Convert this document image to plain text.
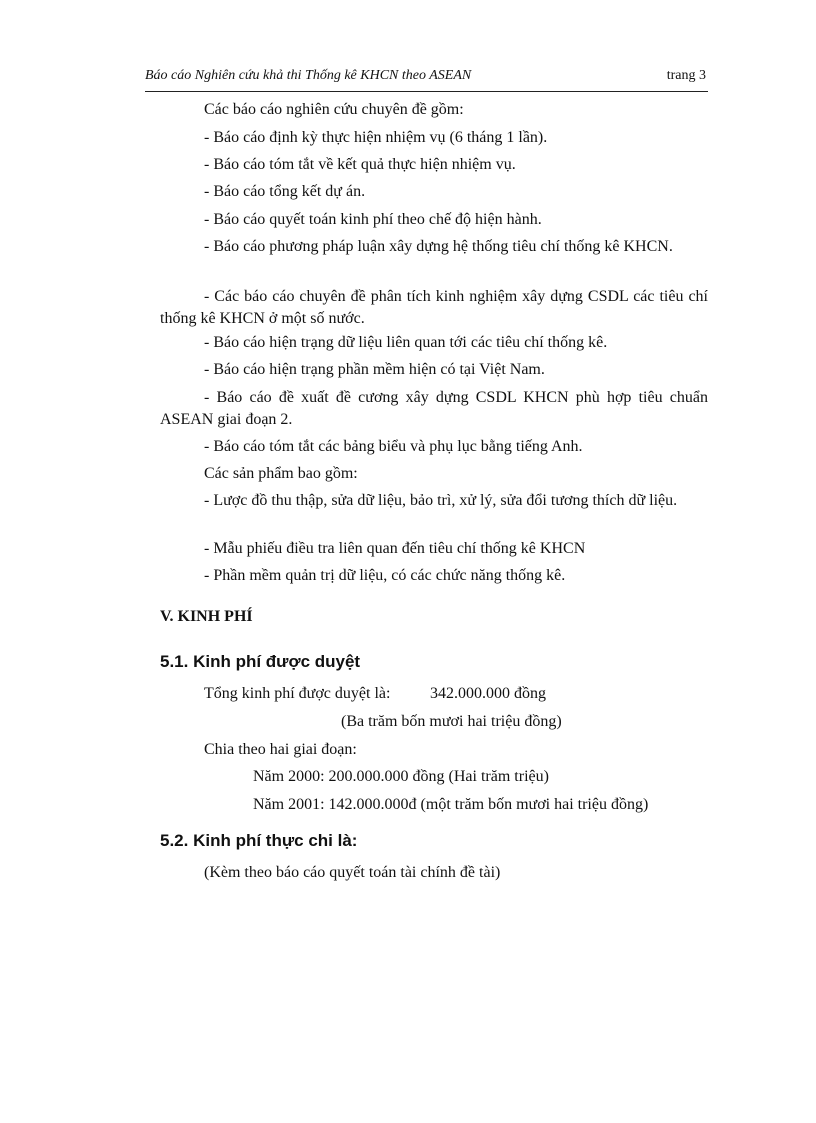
Báo cáo Nghiên cứu khả thi Thống kê KHCN theo ASEAN	trang 3
Các báo cáo nghiên cứu chuyên đề gồm:
- Báo cáo định kỳ thực hiện nhiệm vụ (6 tháng 1 lần).
- Báo cáo tóm tắt về kết quả thực hiện nhiệm vụ.
- Báo cáo tổng kết dự án.
- Báo cáo quyết toán kinh phí theo chế độ hiện hành.
- Báo cáo phương pháp luận xây dựng hệ thống tiêu chí thống kê KHCN.
- Các báo cáo chuyên đề phân tích kinh nghiệm xây dựng CSDL các tiêu chí thống kê KHCN ở một số nước.
- Báo cáo hiện trạng dữ liệu liên quan tới các tiêu chí thống kê.
- Báo cáo hiện trạng phần mềm hiện có tại Việt Nam.
- Báo cáo đề xuất đề cương xây dựng CSDL KHCN phù hợp tiêu chuẩn ASEAN giai đoạn 2.
- Báo cáo tóm tắt các bảng biểu và phụ lục bằng tiếng Anh.
Các sản phẩm bao gồm:
- Lược đồ thu thập, sửa dữ liệu, bảo trì, xử lý, sửa đổi tương thích dữ liệu.
- Mẫu phiếu điều tra liên quan đến tiêu chí thống kê KHCN
- Phần mềm quản trị dữ liệu, có các chức năng thống kê.
V. KINH PHÍ
5.1. Kinh phí được duyệt
Tổng kinh phí được duyệt là: 342.000.000 đồng
(Ba trăm bốn mươi hai triệu đồng)
Chia theo hai giai đoạn:
Năm 2000: 200.000.000 đồng (Hai trăm triệu)
Năm 2001: 142.000.000đ (một trăm bốn mươi hai triệu đồng)
5.2. Kinh phí thực chi là:
(Kèm theo báo cáo quyết toán tài chính đề tài)
